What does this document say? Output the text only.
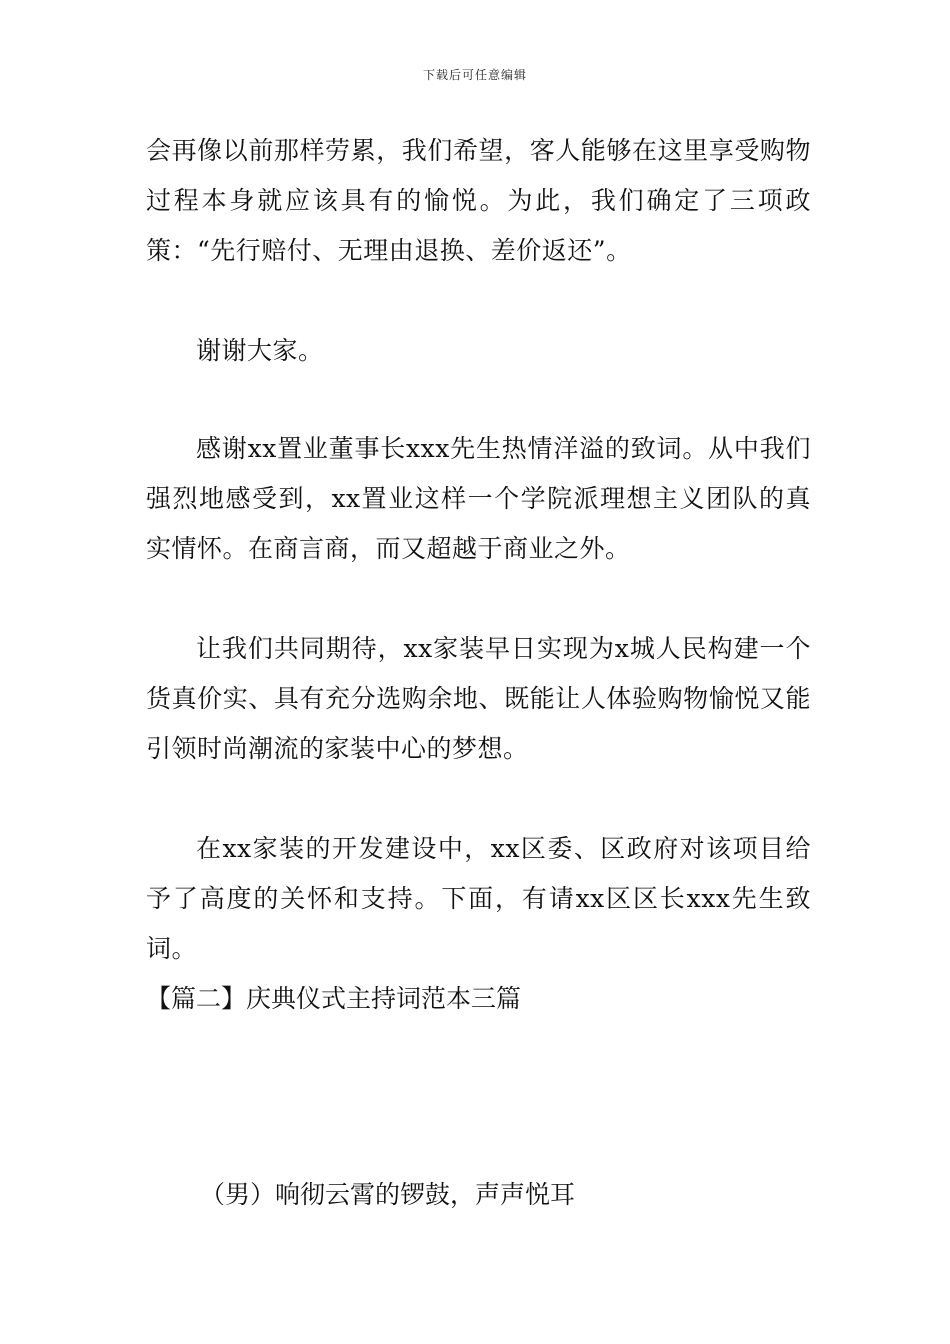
下载后可任意编辑

会再像以前那样劳累，我们希望，客人能够在这里享受购物过程本身就应该具有的愉悦。为此，我们确定了三项政策：“先行赔付、无理由退换、差价返还”。

谢谢大家。

感谢xx置业董事长xxx先生热情洋溢的致词。从中我们强烈地感受到，xx置业这样一个学院派理想主义团队的真实情怀。在商言商，而又超越于商业之外。

让我们共同期待，xx家装早日实现为x城人民构建一个货真价实、具有充分选购余地、既能让人体验购物愉悦又能引领时尚潮流的家装中心的梦想。

在xx家装的开发建设中，xx区委、区政府对该项目给予了高度的关怀和支持。下面，有请xx区区长xxx先生致词。

【篇二】庆典仪式主持词范本三篇

（男）响彻云霄的锣鼓，声声悦耳
